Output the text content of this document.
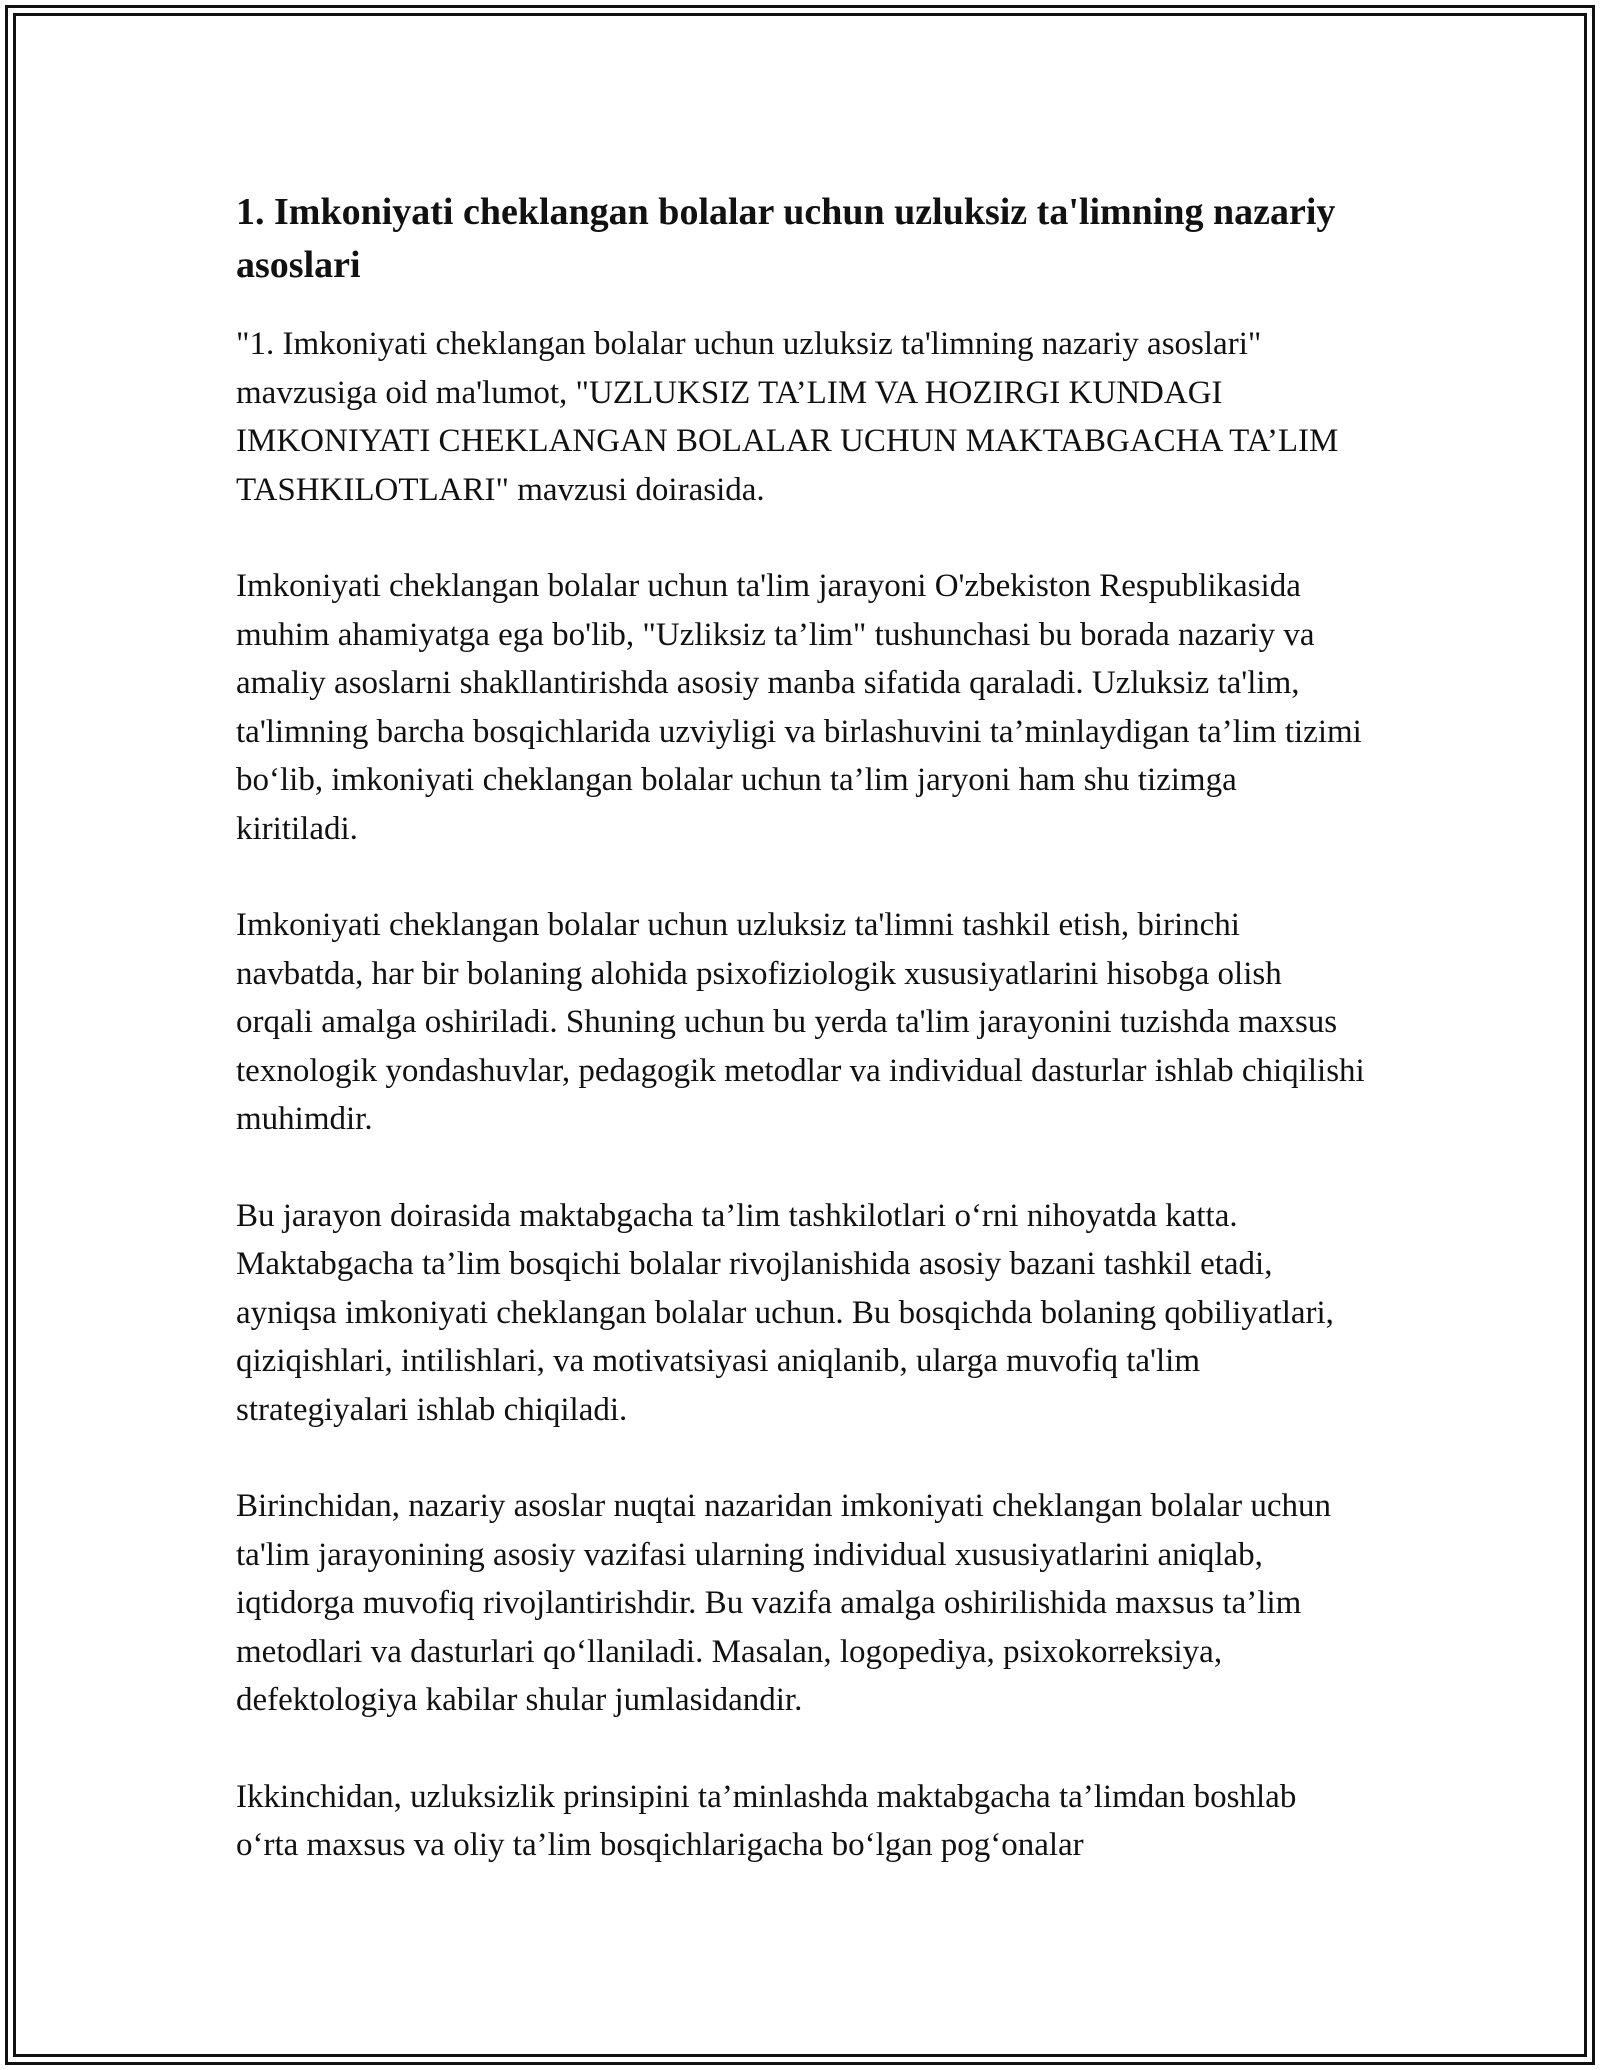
1. Imkoniyati cheklangan bolalar uchun uzluksiz ta'limning nazariy asoslari

"1. Imkoniyati cheklangan bolalar uchun uzluksiz ta'limning nazariy asoslari" mavzusiga oid ma'lumot, "UZLUKSIZ TA’LIM VA HOZIRGI KUNDAGI IMKONIYATI CHEKLANGAN BOLALAR UCHUN MAKTABGACHA TA’LIM TASHKILOTLARI" mavzusi doirasida.

Imkoniyati cheklangan bolalar uchun ta'lim jarayoni O'zbekiston Respublikasida muhim ahamiyatga ega bo'lib, "Uzliksiz ta’lim" tushunchasi bu borada nazariy va amaliy asoslarni shakllantirishda asosiy manba sifatida qaraladi. Uzluksiz ta'lim, ta'limning barcha bosqichlarida uzviyligi va birlashuvini ta’minlaydigan ta’lim tizimi bo‘lib, imkoniyati cheklangan bolalar uchun ta’lim jaryoni ham shu tizimga kiritiladi.

Imkoniyati cheklangan bolalar uchun uzluksiz ta'limni tashkil etish, birinchi navbatda, har bir bolaning alohida psixofiziologik xususiyatlarini hisobga olish orqali amalga oshiriladi. Shuning uchun bu yerda ta'lim jarayonini tuzishda maxsus texnologik yondashuvlar, pedagogik metodlar va individual dasturlar ishlab chiqilishi muhimdir.

Bu jarayon doirasida maktabgacha ta’lim tashkilotlari o‘rni nihoyatda katta. Maktabgacha ta’lim bosqichi bolalar rivojlanishida asosiy bazani tashkil etadi, ayniqsa imkoniyati cheklangan bolalar uchun. Bu bosqichda bolaning qobiliyatlari, qiziqishlari, intilishlari, va motivatsiyasi aniqlanib, ularga muvofiq ta'lim strategiyalari ishlab chiqiladi.

Birinchidan, nazariy asoslar nuqtai nazaridan imkoniyati cheklangan bolalar uchun ta'lim jarayonining asosiy vazifasi ularning individual xususiyatlarini aniqlab, iqtidorga muvofiq rivojlantirishdir. Bu vazifa amalga oshirilishida maxsus ta’lim metodlari va dasturlari qo‘llaniladi. Masalan, logopediya, psixokorreksiya, defektologiya kabilar shular jumlasidandir.

Ikkinchidan, uzluksizlik prinsipini ta’minlashda maktabgacha ta’limdan boshlab o‘rta maxsus va oliy ta’lim bosqichlarigacha bo‘lgan pog‘onalar
